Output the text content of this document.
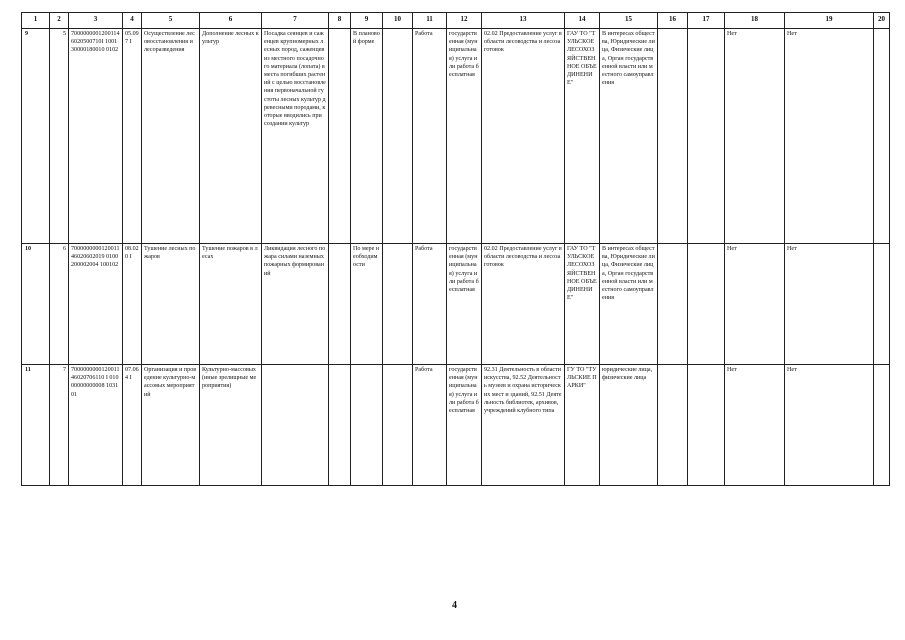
1	2	3	4	5	6	7	8	9	10	11	12	13	14	15	16	17	18	19	20
9	5	70000000012001146020500710I 100130000180010 0102	05.097 I	Осуществление лесовосстановления и лесоразведения	Дополнение лесных культур	Посадка сеянцев и саженцев крупномерных лесных пород, саженцев из местного посадочного материала (лопата) в места погибших растений с целью восстановления первоначальной густоты лесных культур древесными породами, которые вводились при создании культур		В плановой форме		Работа	государственная (муниципальная) услуга или работа бесплатная	02.02 Предоставление услуг в области лесоводства и лесозаготовок	ГАУ ТО "ТУЛЬСКОЕ ЛЕСОХОЗЯЙСТВЕННОЕ ОБЪЕДИНЕНИЕ"	В интересах общества, Юридические лица, Физические лица, Орган государственной власти или местного самоуправления			Нет	Нет	
10	6	700000000012001146020602019 0100200002004 100102	08.020 I	Тушение лесных пожаров	Тушение пожаров в лесах	Ликвидация лесного пожара силами наземных пожарных формирований		По мере необходимости		Работа	государственная (муниципальная) услуга или работа бесплатная	02.02 Предоставление услуг в области лесоводства и лесозаготовок	ГАУ ТО "ТУЛЬСКОЕ ЛЕСОХОЗЯЙСТВЕННОЕ ОБЪЕДИНЕНИЕ"	В интересах общества, Юридические лица, Физические лица, Орган государственной власти или местного самоуправления			Нет	Нет	
11	7	700000000012001146020706110 I 01000000000008 103101	07.064 I	Организация и проведение культурно-массовых мероприятий	Культурно-массовых (иные зрелищные мероприятия)					Работа	государственная (муниципальная) услуга или работа бесплатная	92.31 Деятельность в области искусства, 92.52 Деятельность музеев и охрана исторических мест и зданий, 92.51 Деятельность библиотек, архивов, учреждений клубного типа	ГУ ТО "ТУЛЬСКИЕ ПАРКИ"	юридические лица, физические лица			Нет	Нет	
4
